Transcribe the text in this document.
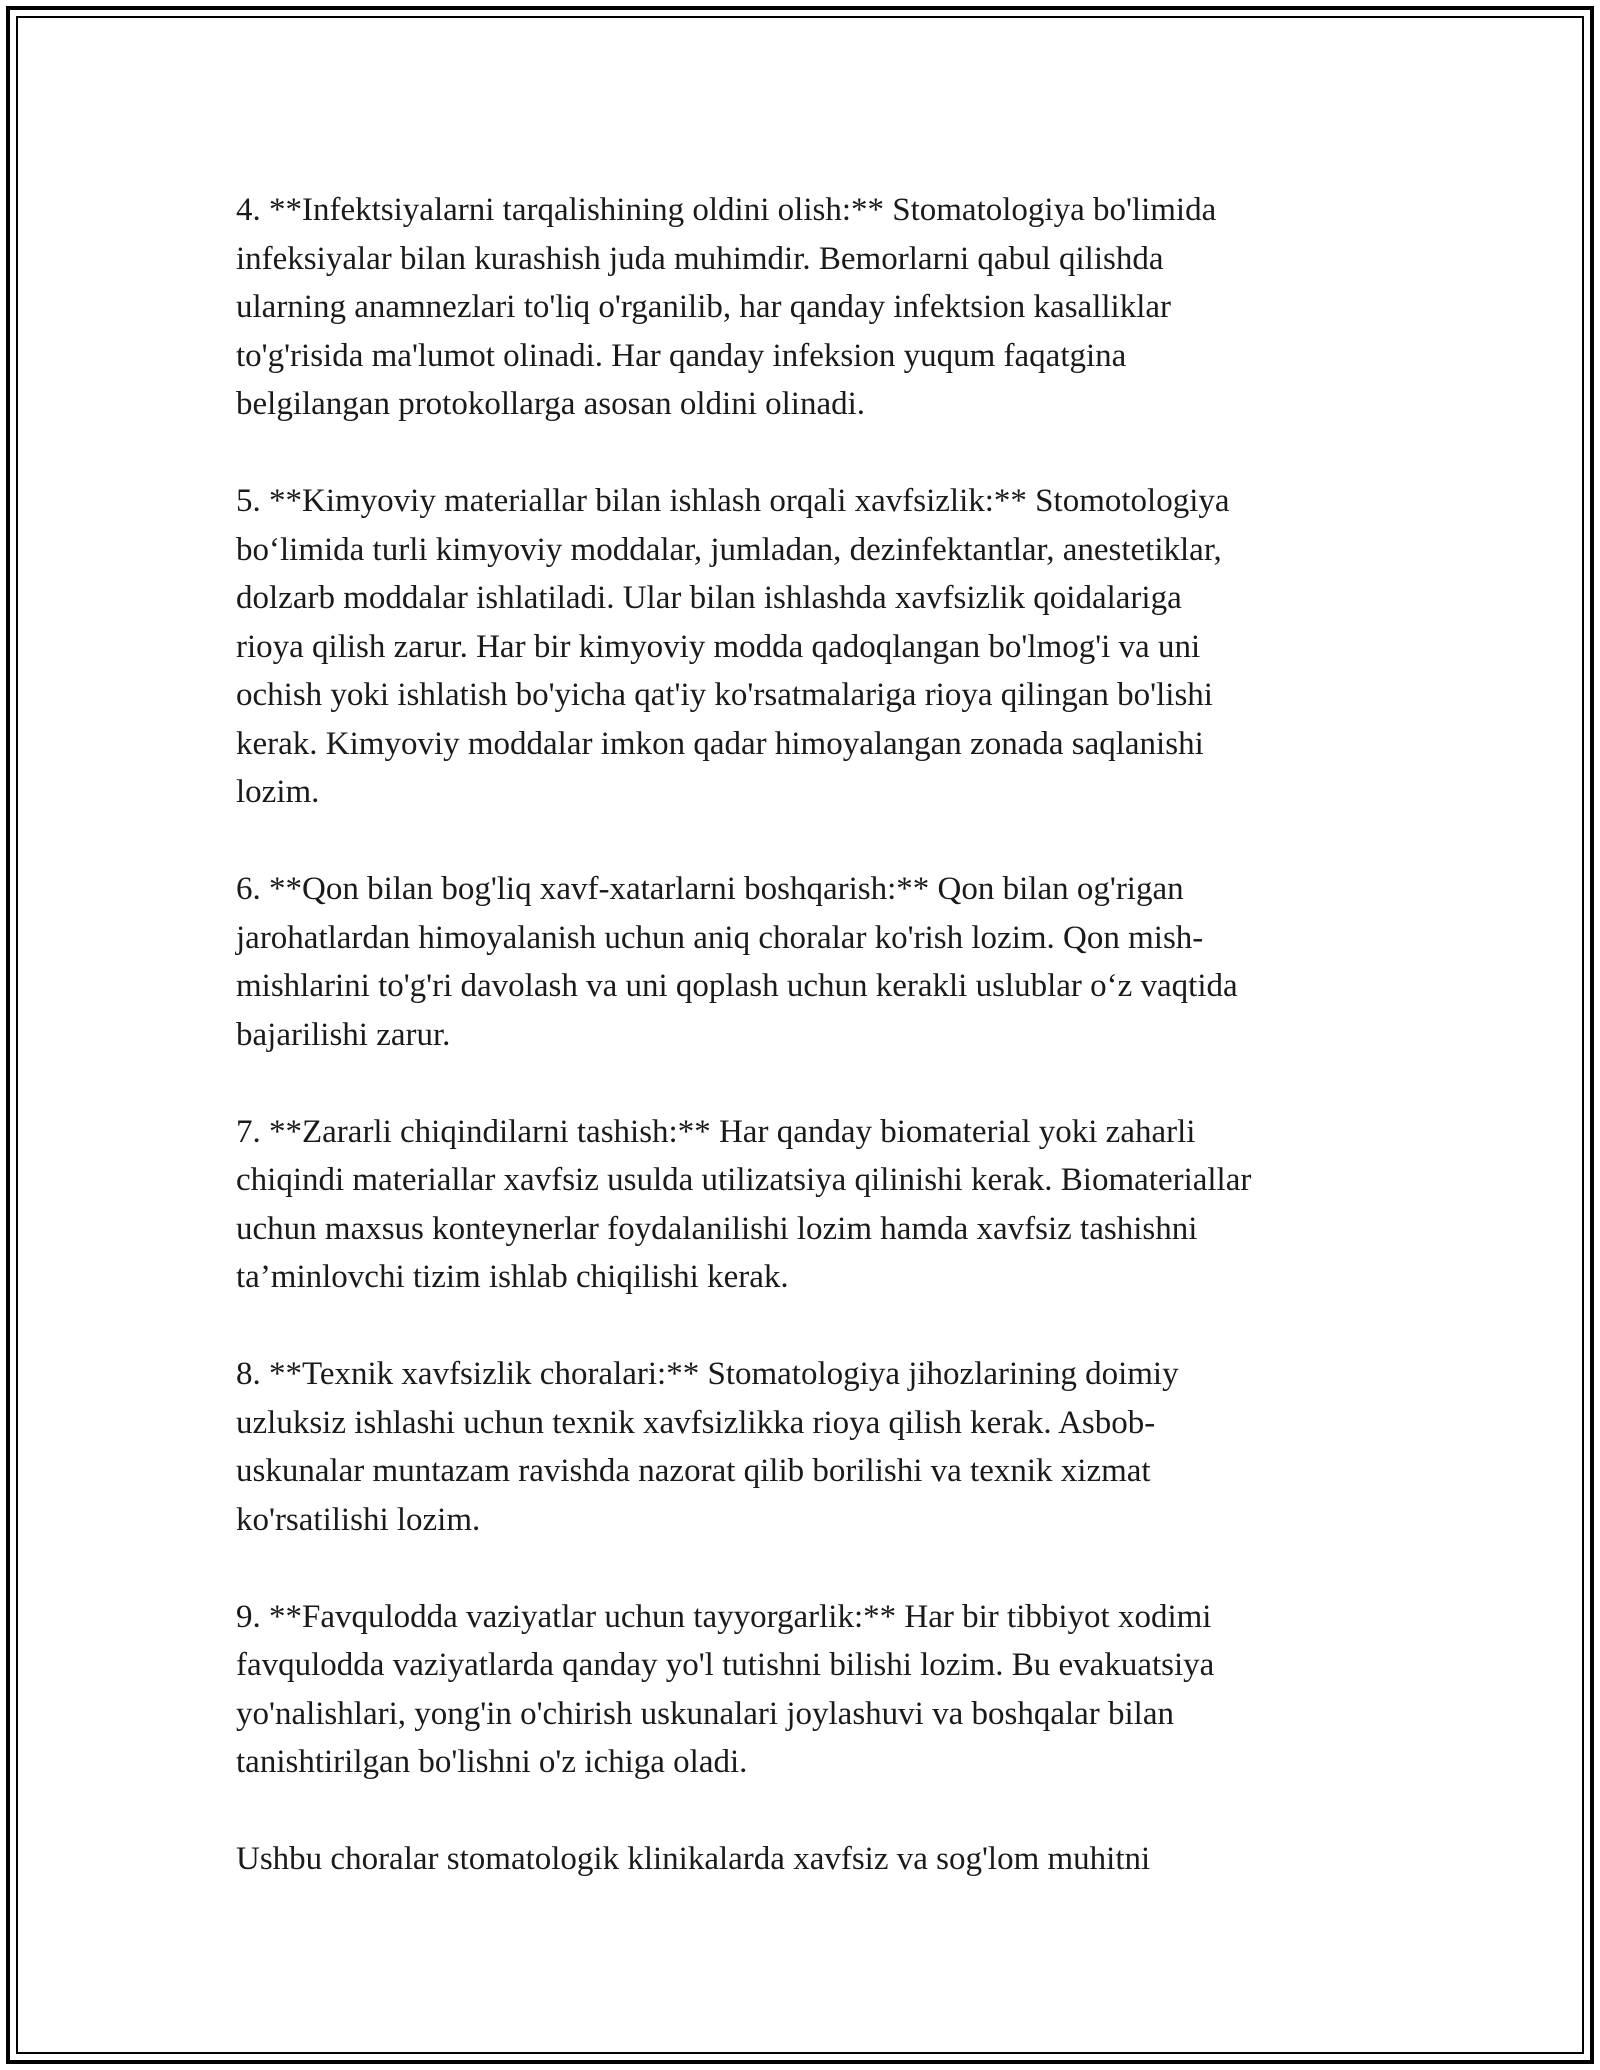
4. **Infektsiyalarni tarqalishining oldini olish:** Stomatologiya bo'limida
infeksiyalar bilan kurashish juda muhimdir. Bemorlarni qabul qilishda
ularning anamnezlari to'liq o'rganilib, har qanday infektsion kasalliklar
to'g'risida ma'lumot olinadi. Har qanday infeksion yuqum faqatgina
belgilangan protokollarga asosan oldini olinadi.

5. **Kimyoviy materiallar bilan ishlash orqali xavfsizlik:** Stomotologiya
bo‘limida turli kimyoviy moddalar, jumladan, dezinfektantlar, anestetiklar,
dolzarb moddalar ishlatiladi. Ular bilan ishlashda xavfsizlik qoidalariga
rioya qilish zarur. Har bir kimyoviy modda qadoqlangan bo'lmog'i va uni
ochish yoki ishlatish bo'yicha qat'iy ko'rsatmalariga rioya qilingan bo'lishi
kerak. Kimyoviy moddalar imkon qadar himoyalangan zonada saqlanishi
lozim.

6. **Qon bilan bog'liq xavf-xatarlarni boshqarish:** Qon bilan og'rigan
jarohatlardan himoyalanish uchun aniq choralar ko'rish lozim. Qon mish-
mishlarini to'g'ri davolash va uni qoplash uchun kerakli uslublar o‘z vaqtida
bajarilishi zarur.

7. **Zararli chiqindilarni tashish:** Har qanday biomaterial yoki zaharli
chiqindi materiallar xavfsiz usulda utilizatsiya qilinishi kerak. Biomateriallar
uchun maxsus konteynerlar foydalanilishi lozim hamda xavfsiz tashishni
ta’minlovchi tizim ishlab chiqilishi kerak.

8. **Texnik xavfsizlik choralari:** Stomatologiya jihozlarining doimiy
uzluksiz ishlashi uchun texnik xavfsizlikka rioya qilish kerak. Asbob-
uskunalar muntazam ravishda nazorat qilib borilishi va texnik xizmat
ko'rsatilishi lozim.

9. **Favqulodda vaziyatlar uchun tayyorgarlik:** Har bir tibbiyot xodimi
favqulodda vaziyatlarda qanday yo'l tutishni bilishi lozim. Bu evakuatsiya
yo'nalishlari, yong'in o'chirish uskunalari joylashuvi va boshqalar bilan
tanishtirilgan bo'lishni o'z ichiga oladi.

Ushbu choralar stomatologik klinikalarda xavfsiz va sog'lom muhitni
